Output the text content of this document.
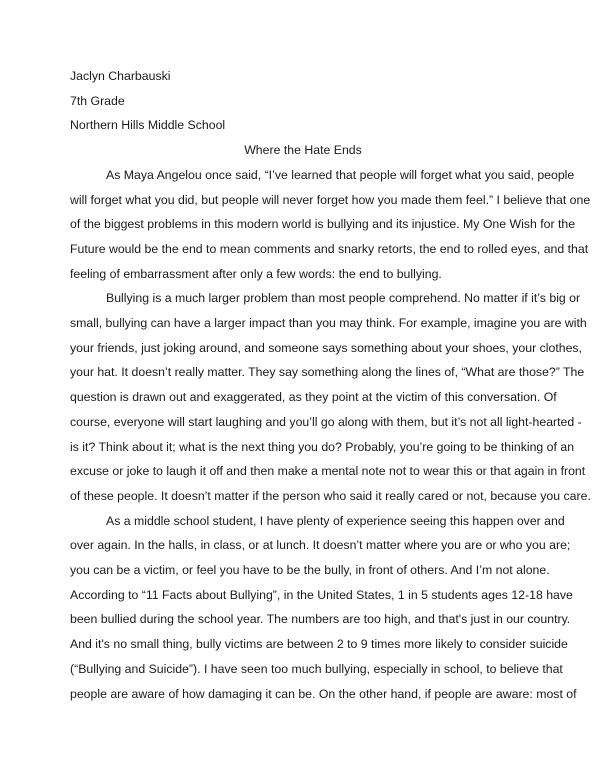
Jaclyn Charbauski

7th Grade

Northern Hills Middle School

Where the Hate Ends

As Maya Angelou once said, “I’ve learned that people will forget what you said, people
will forget what you did, but people will never forget how you made them feel.” I believe that one
of the biggest problems in this modern world is bullying and its injustice. My One Wish for the
Future would be the end to mean comments and snarky retorts, the end to rolled eyes, and that
feeling of embarrassment after only a few words: the end to bullying.

Bullying is a much larger problem than most people comprehend. No matter if it’s big or
small, bullying can have a larger impact than you may think. For example, imagine you are with
your friends, just joking around, and someone says something about your shoes, your clothes,
your hat. It doesn’t really matter. They say something along the lines of, “What are those?” The
question is drawn out and exaggerated, as they point at the victim of this conversation. Of
course, everyone will start laughing and you’ll go along with them, but it’s not all light-hearted -
is it? Think about it; what is the next thing you do? Probably, you’re going to be thinking of an
excuse or joke to laugh it off and then make a mental note not to wear this or that again in front
of these people. It doesn’t matter if the person who said it really cared or not, because you care.

As a middle school student, I have plenty of experience seeing this happen over and
over again. In the halls, in class, or at lunch. It doesn’t matter where you are or who you are;
you can be a victim, or feel you have to be the bully, in front of others. And I’m not alone.
According to “11 Facts about Bullying”, in the United States, 1 in 5 students ages 12-18 have
been bullied during the school year. The numbers are too high, and that's just in our country.
And it's no small thing, bully victims are between 2 to 9 times more likely to consider suicide
(“Bullying and Suicide”). I have seen too much bullying, especially in school, to believe that
people are aware of how damaging it can be. On the other hand, if people are aware: most of
